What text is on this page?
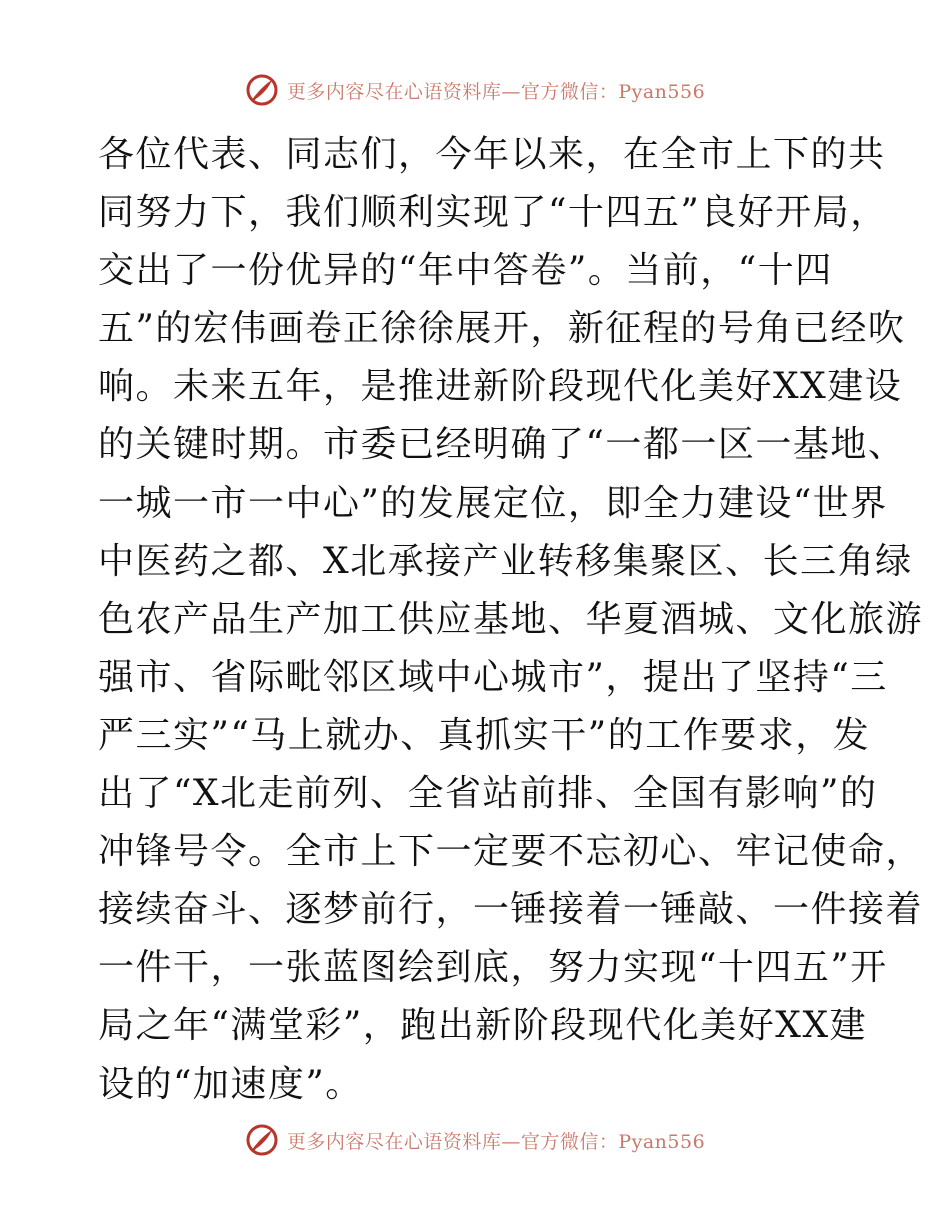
更多内容尽在心语资料库—官方微信：Pyan556
各位代表、同志们，今年以来，在全市上下的共
同努力下，我们顺利实现了“十四五”良好开局，
交出了一份优异的“年中答卷”。当前，“十四
五”的宏伟画卷正徐徐展开，新征程的号角已经吹
响。未来五年，是推进新阶段现代化美好XX建设
的关键时期。市委已经明确了“一都一区一基地、
一城一市一中心”的发展定位，即全力建设“世界
中医药之都、X北承接产业转移集聚区、长三角绿
色农产品生产加工供应基地、华夏酒城、文化旅游
强市、省际毗邻区域中心城市”，提出了坚持“三
严三实”“马上就办、真抓实干”的工作要求，发
出了“X北走前列、全省站前排、全国有影响”的
冲锋号令。全市上下一定要不忘初心、牢记使命，
接续奋斗、逐梦前行，一锤接着一锤敲、一件接着
一件干，一张蓝图绘到底，努力实现“十四五”开
局之年“满堂彩”，跑出新阶段现代化美好XX建
设的“加速度”。
更多内容尽在心语资料库—官方微信：Pyan556
